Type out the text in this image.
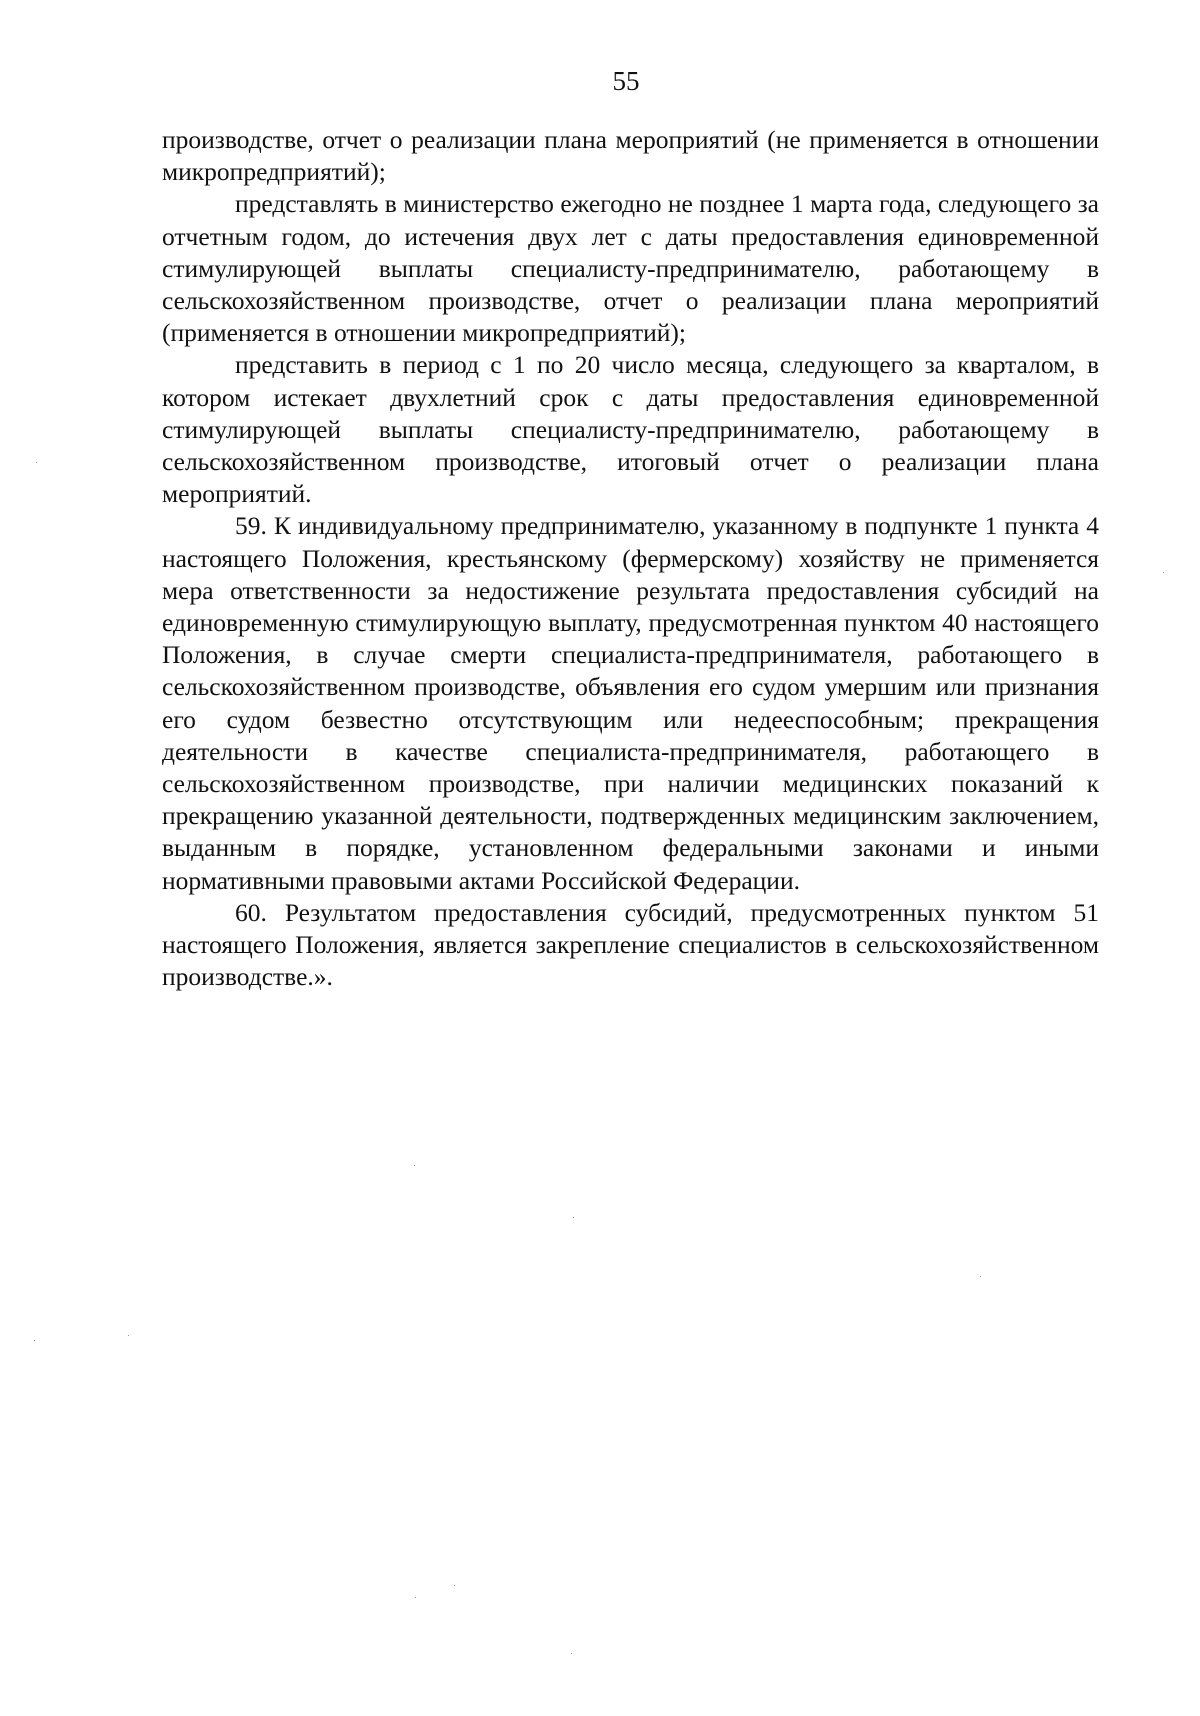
55

производстве, отчет о реализации плана мероприятий (не применяется в отношении микропредприятий);

представлять в министерство ежегодно не позднее 1 марта года, следующего за отчетным годом, до истечения двух лет с даты предоставления единовременной стимулирующей выплаты специалисту-предпринимателю, работающему в сельскохозяйственном производстве, отчет о реализации плана мероприятий (применяется в отношении микропредприятий);

представить в период с 1 по 20 число месяца, следующего за кварталом, в котором истекает двухлетний срок с даты предоставления единовременной стимулирующей выплаты специалисту-предпринимателю, работающему в сельскохозяйственном производстве, итоговый отчет о реализации плана мероприятий.

59. К индивидуальному предпринимателю, указанному в подпункте 1 пункта 4 настоящего Положения, крестьянскому (фермерскому) хозяйству не применяется мера ответственности за недостижение результата предоставления субсидий на единовременную стимулирующую выплату, предусмотренная пунктом 40 настоящего Положения, в случае смерти специалиста-предпринимателя, работающего в сельскохозяйственном производстве, объявления его судом умершим или признания его судом безвестно отсутствующим или недееспособным; прекращения деятельности в качестве специалиста-предпринимателя, работающего в сельскохозяйственном производстве, при наличии медицинских показаний к прекращению указанной деятельности, подтвержденных медицинским заключением, выданным в порядке, установленном федеральными законами и иными нормативными правовыми актами Российской Федерации.

60. Результатом предоставления субсидий, предусмотренных пунктом 51 настоящего Положения, является закрепление специалистов в сельскохозяйственном производстве.».
